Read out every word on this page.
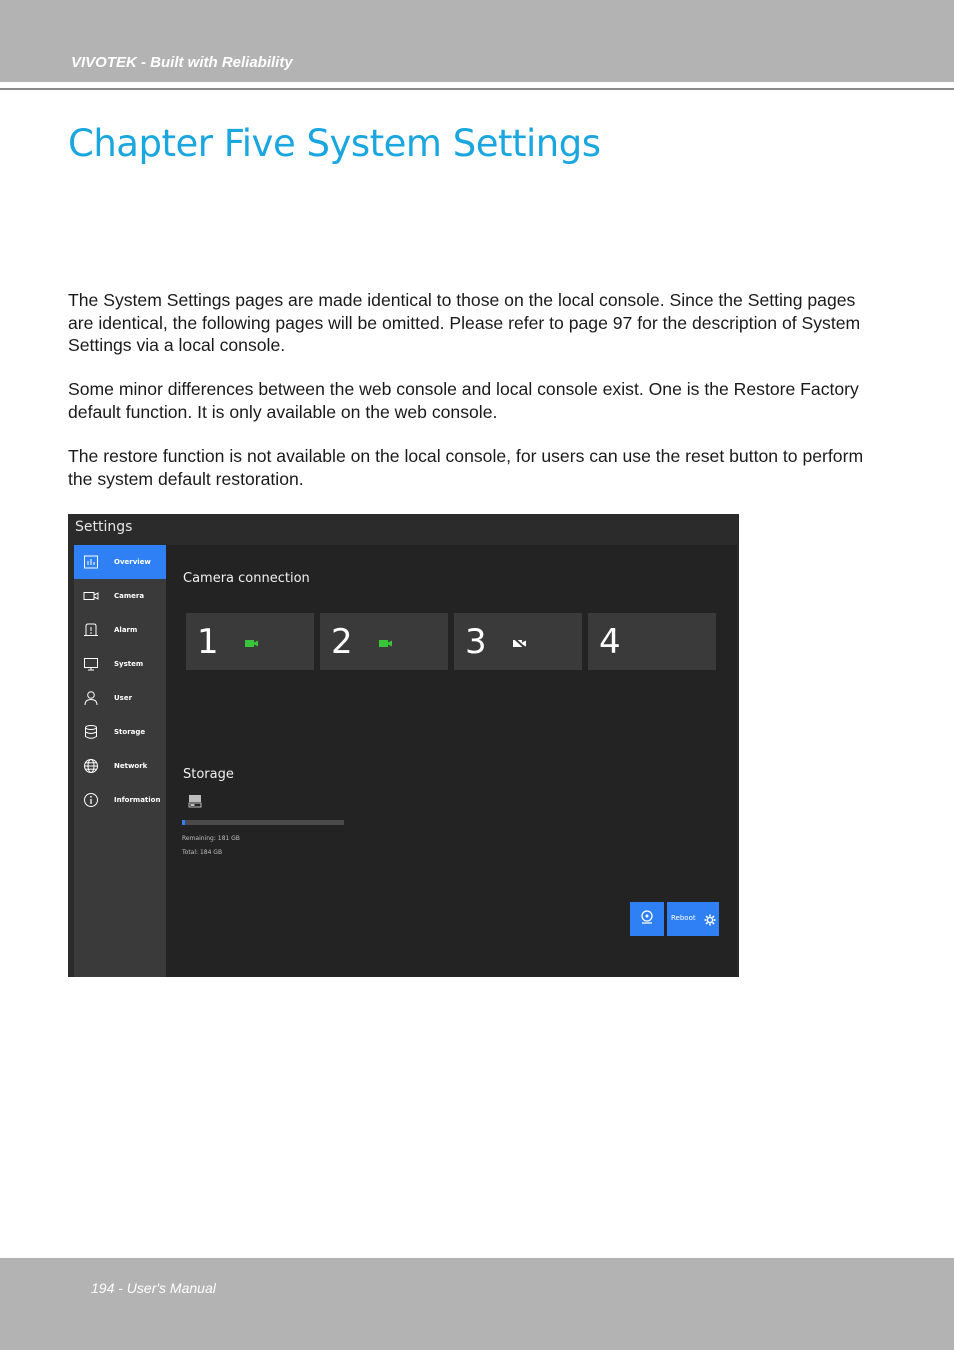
VIVOTEK - Built with Reliability
Chapter Five System Settings

The System Settings pages are made identical to those on the local console. Since the Setting pages are identical, the following pages will be omitted. Please refer to page 97 for the description of System Settings via a local console.

Some minor differences between the web console and local console exist. One is the Restore Factory default function. It is only available on the web console.

The restore function is not available on the local console, for users can use the reset button to perform the system default restoration.

Settings
Overview
Camera
Alarm
System
User
Storage
Network
Information
Camera connection
1	2	3	4
Storage
Remaining: 181 GB
Total: 184 GB
Reboot
194 - User's Manual
